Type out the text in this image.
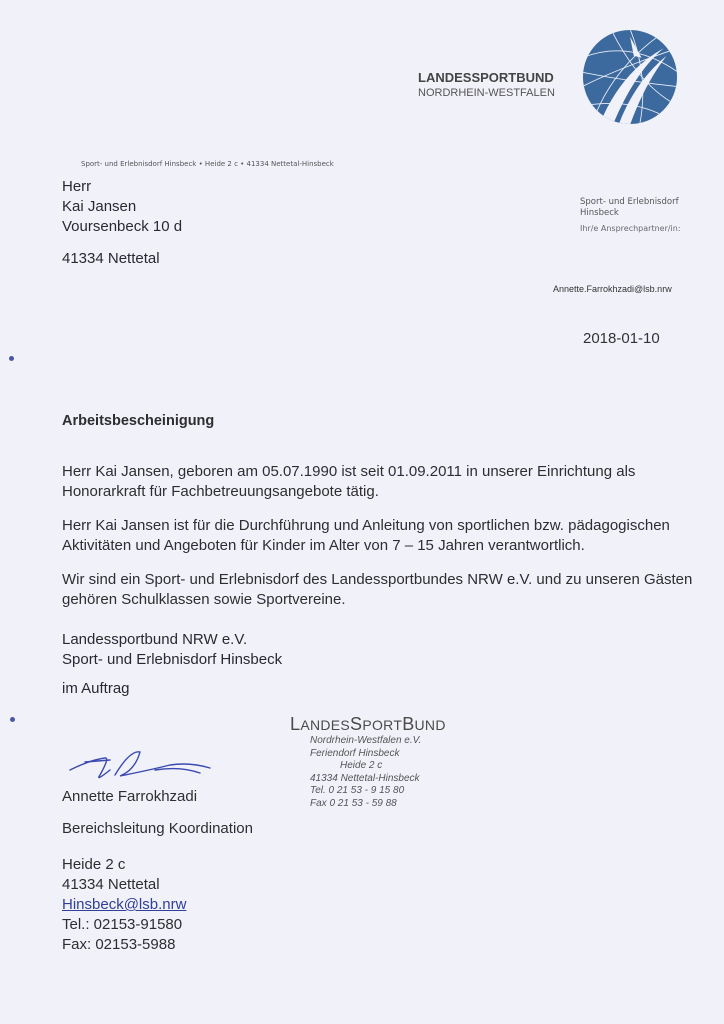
LANDESSPORTBUND
NORDRHEIN-WESTFALEN
Sport- und Erlebnisdorf Hinsbeck • Heide 2 c • 41334 Nettetal-Hinsbeck
Herr
Kai Jansen
Voursenbeck 10 d
41334 Nettetal
Sport- und Erlebnisdorf
Hinsbeck
Ihr/e Ansprechpartner/in:
Annette.Farrokhzadi@lsb.nrw
2018-01-10
Arbeitsbescheinigung
Herr Kai Jansen, geboren am 05.07.1990 ist seit 01.09.2011 in unserer Einrichtung als Honorarkraft für Fachbetreuungsangebote tätig.
Herr Kai Jansen ist für die Durchführung und Anleitung von sportlichen bzw. pädagogischen Aktivitäten und Angeboten für Kinder im Alter von 7 – 15 Jahren verantwortlich.
Wir sind ein Sport- und Erlebnisdorf des Landessportbundes NRW e.V. und zu unseren Gästen gehören Schulklassen sowie Sportvereine.
Landessportbund NRW e.V.
Sport- und Erlebnisdorf Hinsbeck
im Auftrag
LANDESSPORTBUND
Nordrhein-Westfalen e.V.
Feriendorf Hinsbeck
Heide 2 c
41334 Nettetal-Hinsbeck
Tel. 0 21 53 - 9 15 80
Fax 0 21 53 - 59 88
Annette Farrokhzadi
Bereichsleitung Koordination
Heide 2 c
41334 Nettetal
Hinsbeck@lsb.nrw
Tel.: 02153-91580
Fax: 02153-5988
